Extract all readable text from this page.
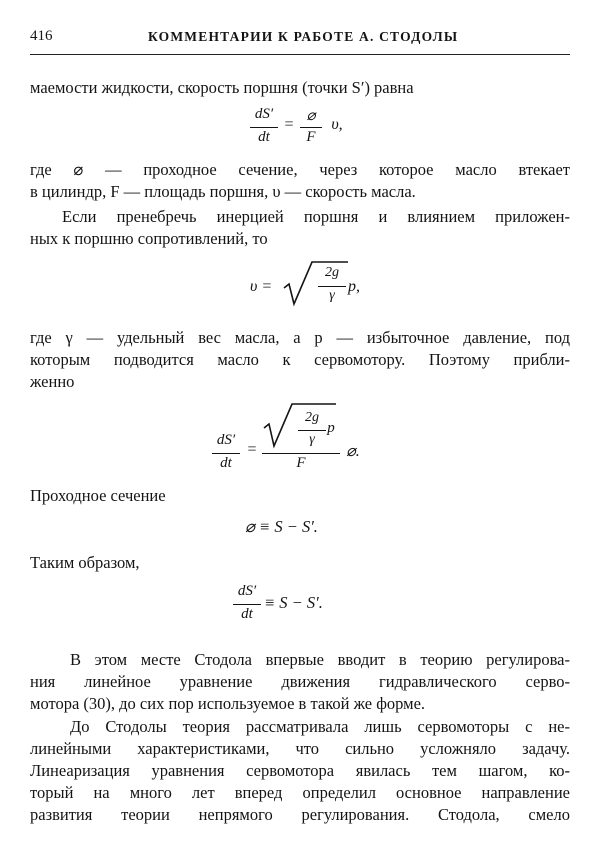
416	КОММЕНТАРИИ К РАБОТЕ А. СТОДОЛЫ
маемости жидкости, скорость поршня (точки S′) равна
dS′
dt
= ⌀
F
υ,
где ⌀ — проходное сечение, через которое масло втекает
в цилиндр, F — площадь поршня, υ — скорость масла.
Если пренебречь инерцией поршня и влиянием приложен-
ных к поршню сопротивлений, то
υ =
2g
γ
p,
где γ — удельный вес масла, а p — избыточное давление, под
которым подводится масло к сервомотору. Поэтому прибли-
женно
dS′
dt
=
2g
γ
p
F
⌀.
Проходное сечение
⌀ ≡ S − S′.
Таким образом,
dS′
dt
≡ S − S′.
В этом месте Стодола впервые вводит в теорию регулирова-
ния линейное уравнение движения гидравлического серво-
мотора (30), до сих пор используемое в такой же форме.
До Стодолы теория рассматривала лишь сервомоторы с не-
линейными характеристиками, что сильно усложняло задачу.
Линеаризация уравнения сервомотора явилась тем шагом, ко-
торый на много лет вперед определил основное направление
развития теории непрямого регулирования. Стодола, смело
